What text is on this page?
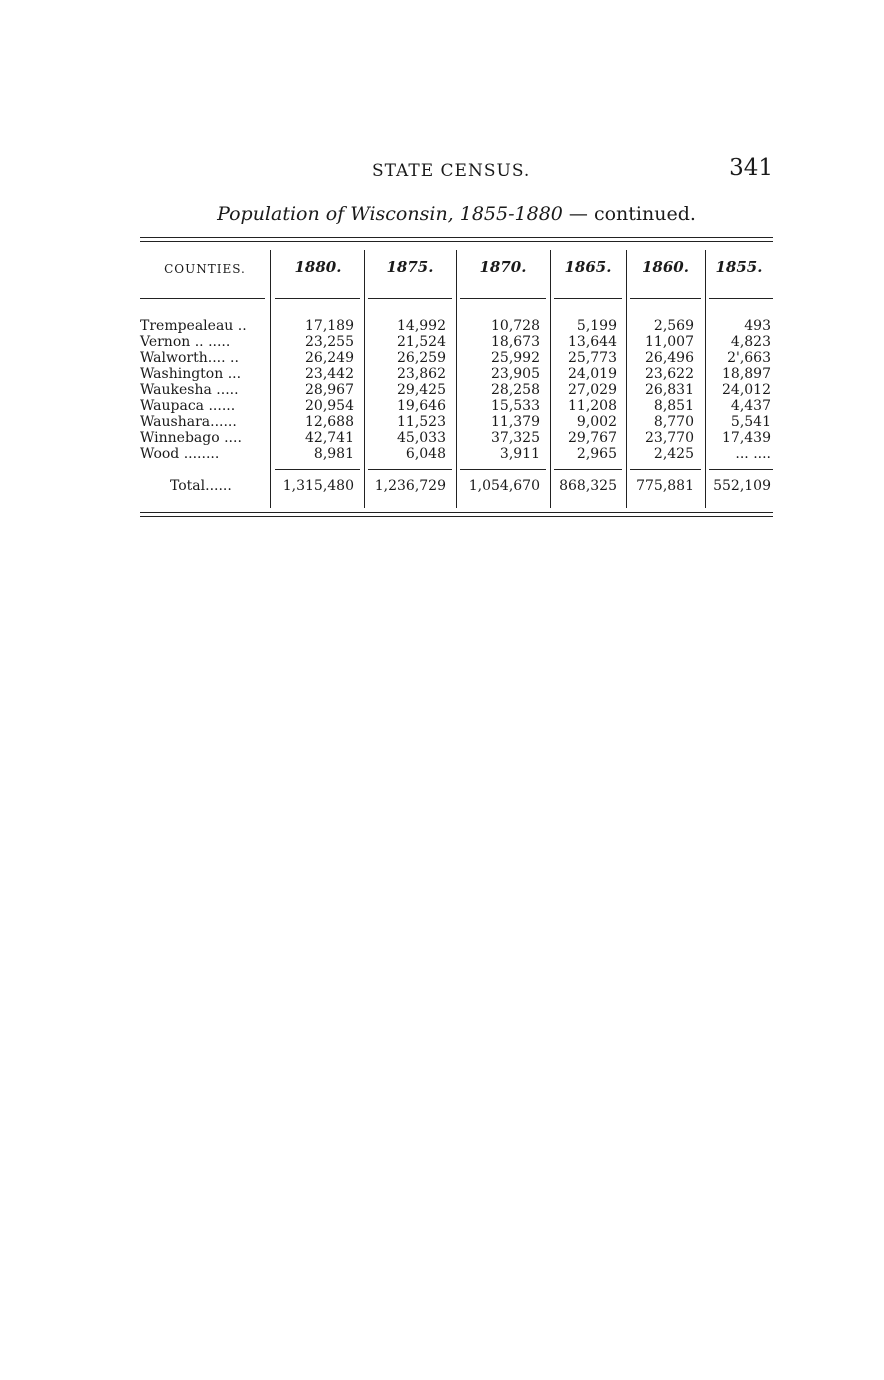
STATE CENSUS.	341
Population of Wisconsin, 1855-1880 — continued.
COUNTIES.	1880.	1875.	1870.	1865.	1860.	1855.
Trempealeau ..	17,189	14,992	10,728	5,199	2,569	493
Vernon .. .....	23,255	21,524	18,673 13,644 11,007	4,823
Walworth.... ..	26,249	26,259	25,992 25,773 26,496 2',663
Washington ...	23,442	23,862	23,905 24,019 23,622 18,897
Waukesha .....	28,967	29,425	28,258 27,029 26,831 24,012
Waupaca ......	20,954	19,646	15,533 11,208	8,851	4,437
Waushara......	12,688	11,523	11,379	9,002	8,770	5,541
Winnebago ....	42,741	45,033	37,325 29,767 23,770 17,439
Wood ........	8,981	6,048	3,911	2,965	2,425	... ....
Total......	1,315,480 1,236,729 1,054,670 868,325 775,881 552,109
